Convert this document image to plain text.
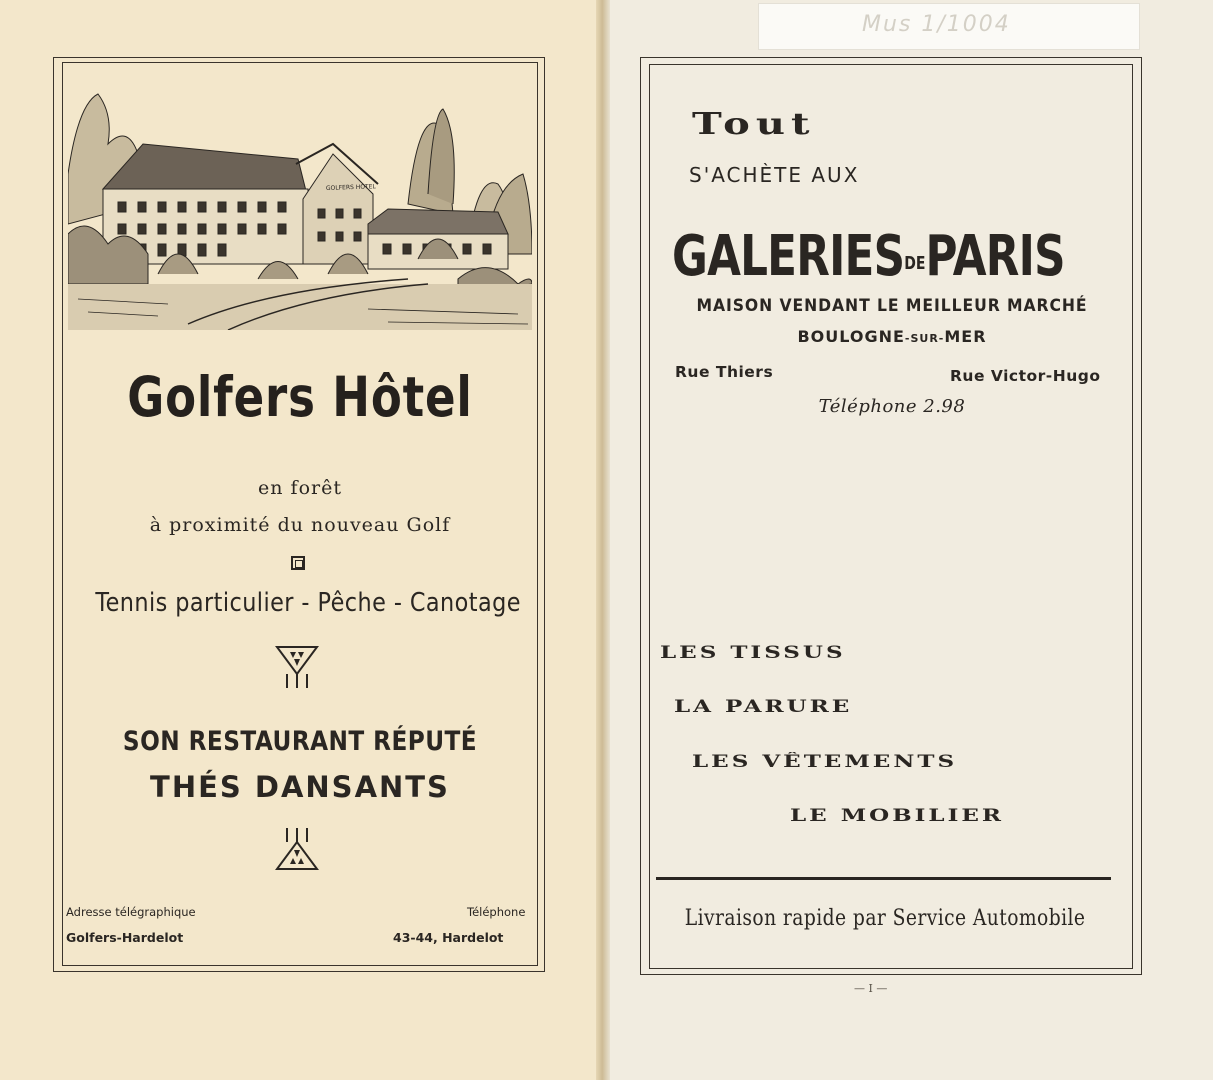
GOLFERS HOTEL
Golfers Hôtel
en forêt
à proximité du nouveau Golf
Tennis particulier - Pêche - Canotage
SON RESTAURANT RÉPUTÉ
THÉS DANSANTS
Adresse télégraphique
Golfers-Hardelot
Téléphone
43-44, Hardelot
Mus 1/1004
Tout
S'ACHÈTE AUX
GALERIESDEPARIS
MAISON VENDANT LE MEILLEUR MARCHÉ
BOULOGNE-SUR-MER
Rue Thiers	Rue Victor-Hugo
Téléphone 2.98
LES TISSUS
LA PARURE
LES VÊTEMENTS
LE MOBILIER
Livraison rapide par Service Automobile
— I —
